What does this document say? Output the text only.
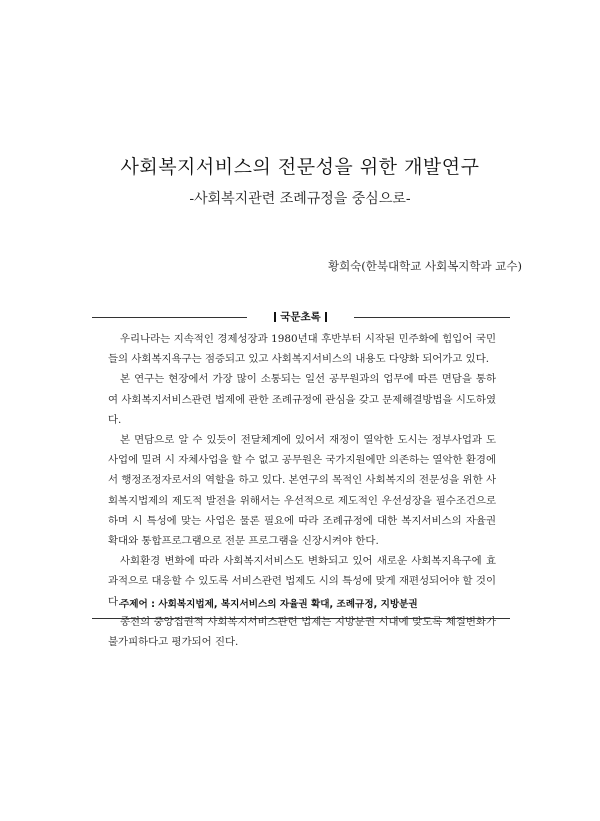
사회복지서비스의 전문성을 위한 개발연구
-사회복지관련 조례규정을 중심으로-
황희숙(한북대학교 사회복지학과 교수)
국문초록

우리나라는 지속적인 경제성장과 1980년대 후반부터 시작된 민주화에 힘입어 국민들의 사회복지욕구는 점증되고 있고 사회복지서비스의 내용도 다양화 되어가고 있다.

본 연구는 현장에서 가장 많이 소통되는 일선 공무원과의 업무에 따른 면담을 통하여 사회복지서비스관련 법제에 관한 조례규정에 관심을 갖고 문제해결방법을 시도하였다.

본 면담으로 알 수 있듯이 전달체계에 있어서 재정이 열악한 도시는 정부사업과 도사업에 밀려 시 자체사업을 할 수 없고 공무원은 국가지원에만 의존하는 열악한 환경에서 행정조정자로서의 역할을 하고 있다. 본연구의 목적인 사회복지의 전문성을 위한 사회복지법제의 제도적 발전을 위해서는 우선적으로 제도적인 우선성장을 필수조건으로 하며 시 특성에 맞는 사업은 물론 필요에 따라 조례규정에 대한 복지서비스의 자율권 확대와 통합프로그램으로 전문 프로그램을 신장시켜야 한다.

사회환경 변화에 따라 사회복지서비스도 변화되고 있어 새로운 사회복지욕구에 효과적으로 대응할 수 있도록 서비스관련 법제도 시의 특성에 맞게 재편성되어야 할 것이다.

종전의 중앙집권적 사회복지서비스관련 법제는 지방분권 시대에 맞도록 체질변화가 불가피하다고 평가되어 진다.

주제어 : 사회복지법제, 복지서비스의 자율권 확대, 조례규정, 지방분권
